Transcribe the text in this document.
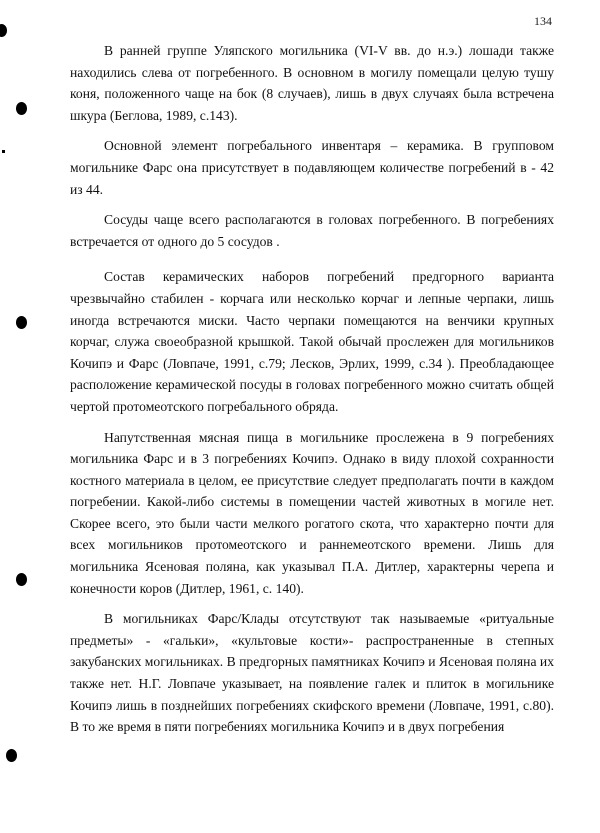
134

В ранней группе Уляпского могильника (VI-V вв. до н.э.) лошади также находились слева от погребенного. В основном в могилу помещали целую тушу коня, положенного чаще на бок (8 случаев), лишь в двух случаях была встречена шкура (Беглова, 1989, с.143).

Основной элемент погребального инвентаря – керамика. В групповом могильнике Фарс она присутствует в подавляющем количестве погребений в - 42 из 44.

Сосуды чаще всего располагаются в головах погребенного. В погребениях встречается от одного до 5 сосудов .

Состав керамических наборов погребений предгорного варианта чрезвычайно стабилен - корчага или несколько корчаг и лепные черпаки, лишь иногда встречаются миски. Часто черпаки помещаются на венчики крупных корчаг, служа своеобразной крышкой. Такой обычай прослежен для могильников Кочипэ и Фарс (Ловпаче, 1991, с.79; Лесков, Эрлих, 1999, с.34 ). Преобладающее расположение керамической посуды в головах погребенного можно считать общей чертой протомеотского погребального обряда.

Напутственная мясная пища в могильнике прослежена в 9 погребениях могильника Фарс и в 3 погребениях Кочипэ. Однако в виду плохой сохранности костного материала в целом, ее присутствие следует предполагать почти в каждом погребении. Какой-либо системы в помещении частей животных в могиле нет. Скорее всего, это были части мелкого рогатого скота, что характерно почти для всех могильников протомеотского и раннемеотского времени. Лишь для могильника Ясеновая поляна, как указывал П.А. Дитлер, характерны черепа и конечности коров (Дитлер, 1961, с. 140).

В могильниках Фарс/Клады отсутствуют так называемые «ритуальные предметы» - «гальки», «культовые кости»- распространенные в степных закубанских могильниках. В предгорных памятниках Кочипэ и Ясеновая поляна их также нет. Н.Г. Ловпаче указывает, на появление галек и плиток в могильнике Кочипэ лишь в позднейших погребениях скифского времени (Ловпаче, 1991, с.80). В то же время в пяти погребениях могильника Кочипэ и в двух погребения
